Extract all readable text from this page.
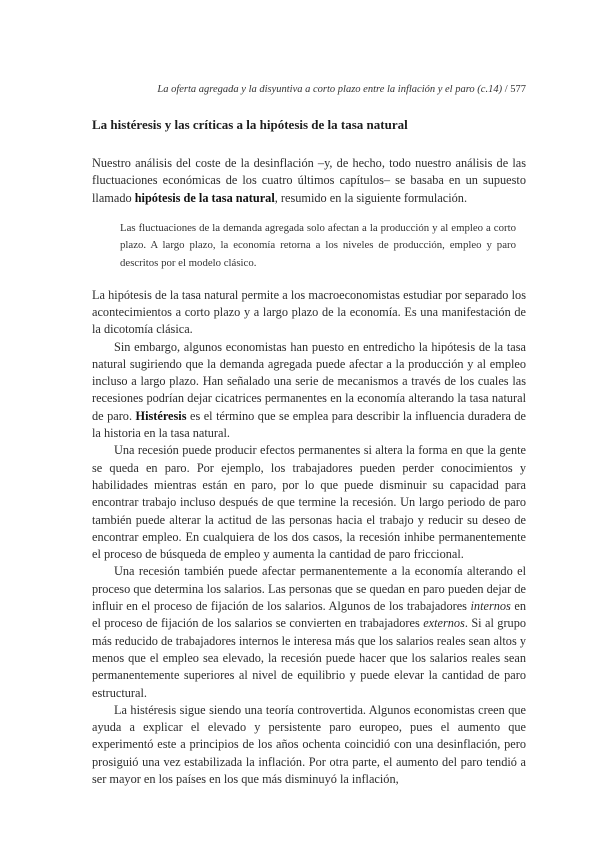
La oferta agregada y la disyuntiva a corto plazo entre la inflación y el paro (c.14) / 577
La histéresis y las críticas a la hipótesis de la tasa natural

Nuestro análisis del coste de la desinflación –y, de hecho, todo nuestro análisis de las fluctuaciones económicas de los cuatro últimos capítulos– se basaba en un supuesto llamado hipótesis de la tasa natural, resumido en la siguiente formulación.

Las fluctuaciones de la demanda agregada solo afectan a la producción y al empleo a corto plazo. A largo plazo, la economía retorna a los niveles de producción, empleo y paro descritos por el modelo clásico.

La hipótesis de la tasa natural permite a los macroeconomistas estudiar por separado los acontecimientos a corto plazo y a largo plazo de la economía. Es una manifestación de la dicotomía clásica.

Sin embargo, algunos economistas han puesto en entredicho la hipótesis de la tasa natural sugiriendo que la demanda agregada puede afectar a la producción y al empleo incluso a largo plazo. Han señalado una serie de mecanismos a través de los cuales las recesiones podrían dejar cicatrices permanentes en la economía alterando la tasa natural de paro. Histéresis es el término que se emplea para describir la influencia duradera de la historia en la tasa natural.

Una recesión puede producir efectos permanentes si altera la forma en que la gente se queda en paro. Por ejemplo, los trabajadores pueden perder conocimientos y habilidades mientras están en paro, por lo que puede disminuir su capacidad para encontrar trabajo incluso después de que termine la recesión. Un largo periodo de paro también puede alterar la actitud de las personas hacia el trabajo y reducir su deseo de encontrar empleo. En cualquiera de los dos casos, la recesión inhibe permanentemente el proceso de búsqueda de empleo y aumenta la cantidad de paro friccional.

Una recesión también puede afectar permanentemente a la economía alterando el proceso que determina los salarios. Las personas que se quedan en paro pueden dejar de influir en el proceso de fijación de los salarios. Algunos de los trabajadores internos en el proceso de fijación de los salarios se convierten en trabajadores externos. Si al grupo más reducido de trabajadores internos le interesa más que los salarios reales sean altos y menos que el empleo sea elevado, la recesión puede hacer que los salarios reales sean permanentemente superiores al nivel de equilibrio y puede elevar la cantidad de paro estructural.

La histéresis sigue siendo una teoría controvertida. Algunos economistas creen que ayuda a explicar el elevado y persistente paro europeo, pues el aumento que experimentó este a principios de los años ochenta coincidió con una desinflación, pero prosiguió una vez estabilizada la inflación. Por otra parte, el aumento del paro tendió a ser mayor en los países en los que más disminuyó la inflación,
